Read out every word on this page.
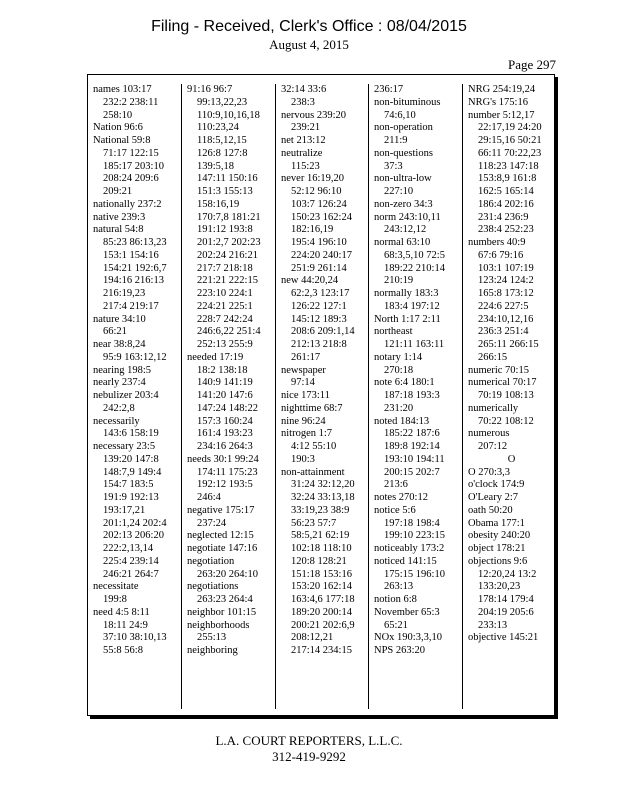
Filing - Received, Clerk's Office : 08/04/2015
August 4, 2015
Page 297
names 103:17
232:2 238:11
258:10
Nation 96:6
National 59:8
71:17 122:15
185:17 203:10
208:24 209:6
209:21
nationally 237:2
native 239:3
natural 54:8
85:23 86:13,23
153:1 154:16
154:21 192:6,7
194:16 216:13
216:19,23
217:4 219:17
nature 34:10
66:21
near 38:8,24
95:9 163:12,12
nearing 198:5
nearly 237:4
nebulizer 203:4
242:2,8
necessarily
143:6 158:19
necessary 23:5
139:20 147:8
148:7,9 149:4
154:7 183:5
191:9 192:13
193:17,21
201:1,24 202:4
202:13 206:20
222:2,13,14
225:4 239:14
246:21 264:7
necessitate
199:8
need 4:5 8:11
18:11 24:9
37:10 38:10,13
55:8 56:8
91:16 96:7
99:13,22,23
110:9,10,16,18
110:23,24
118:5,12,15
126:8 127:8
139:5,18
147:11 150:16
151:3 155:13
158:16,19
170:7,8 181:21
191:12 193:8
201:2,7 202:23
202:24 216:21
217:7 218:18
221:21 222:15
223:10 224:1
224:21 225:1
228:7 242:24
246:6,22 251:4
252:13 255:9
needed 17:19
18:2 138:18
140:9 141:19
141:20 147:6
147:24 148:22
157:3 160:24
161:4 193:23
234:16 264:3
needs 30:1 99:24
174:11 175:23
192:12 193:5
246:4
negative 175:17
237:24
neglected 12:15
negotiate 147:16
negotiation
263:20 264:10
negotiations
263:23 264:4
neighbor 101:15
neighborhoods
255:13
neighboring
32:14 33:6
238:3
nervous 239:20
239:21
net 213:12
neutralize
115:23
never 16:19,20
52:12 96:10
103:7 126:24
150:23 162:24
182:16,19
195:4 196:10
224:20 240:17
251:9 261:14
new 44:20,24
62:2,3 123:17
126:22 127:1
145:12 189:3
208:6 209:1,14
212:13 218:8
261:17
newspaper
97:14
nice 173:11
nighttime 68:7
nine 96:24
nitrogen 1:7
4:12 55:10
190:3
non-attainment
31:24 32:12,20
32:24 33:13,18
33:19,23 38:9
56:23 57:7
58:5,21 62:19
102:18 118:10
120:8 128:21
151:18 153:16
153:20 162:14
163:4,6 177:18
189:20 200:14
200:21 202:6,9
208:12,21
217:14 234:15
236:17
non-bituminous
74:6,10
non-operation
211:9
non-questions
37:3
non-ultra-low
227:10
non-zero 34:3
norm 243:10,11
243:12,12
normal 63:10
68:3,5,10 72:5
189:22 210:14
210:19
normally 183:3
183:4 197:12
North 1:17 2:11
northeast
121:11 163:11
notary 1:14
270:18
note 6:4 180:1
187:18 193:3
231:20
noted 184:13
185:22 187:6
189:8 192:14
193:10 194:11
200:15 202:7
213:6
notes 270:12
notice 5:6
197:18 198:4
199:10 223:15
noticeably 173:2
noticed 141:15
175:15 196:10
263:13
notion 6:8
November 65:3
65:21
NOx 190:3,3,10
NPS 263:20
NRG 254:19,24
NRG's 175:16
number 5:12,17
22:17,19 24:20
29:15,16 50:21
66:11 70:22,23
118:23 147:18
153:8,9 161:8
162:5 165:14
186:4 202:16
231:4 236:9
238:4 252:23
numbers 40:9
67:6 79:16
103:1 107:19
123:24 124:2
165:8 173:12
224:6 227:5
234:10,12,16
236:3 251:4
265:11 266:15
266:15
numeric 70:15
numerical 70:17
70:19 108:13
numerically
70:22 108:12
numerous
207:12
O
O 270:3,3
o'clock 174:9
O'Leary 2:7
oath 50:20
Obama 177:1
obesity 240:20
object 178:21
objections 9:6
12:20,24 13:2
133:20,23
178:14 179:4
204:19 205:6
233:13
objective 145:21
L.A. COURT REPORTERS, L.L.C.
312-419-9292
